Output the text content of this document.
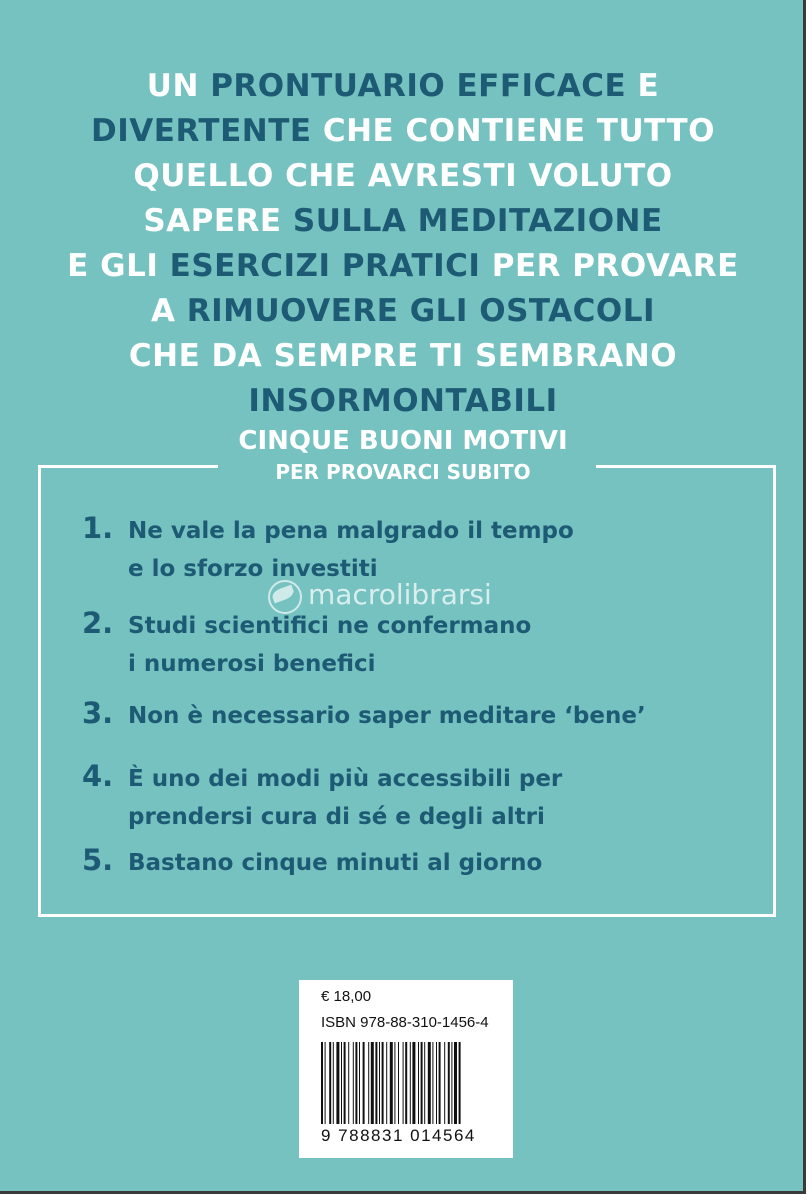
UN PRONTUARIO EFFICACE E
DIVERTENTE CHE CONTIENE TUTTO
QUELLO CHE AVRESTI VOLUTO
SAPERE SULLA MEDITAZIONE
E GLI ESERCIZI PRATICI PER PROVARE
A RIMUOVERE GLI OSTACOLI
CHE DA SEMPRE TI SEMBRANO
INSORMONTABILI
CINQUE BUONI MOTIVI
PER PROVARCI SUBITO
1. Ne vale la pena malgrado il tempo
e lo sforzo investiti
2. Studi scientifici ne confermano
i numerosi benefici
3. Non è necessario saper meditare ‘bene’
4. È uno dei modi più accessibili per
prendersi cura di sé e degli altri
5. Bastano cinque minuti al giorno
macrolibrarsi
€ 18,00
ISBN 978-88-310-1456-4
9 788831 014564
